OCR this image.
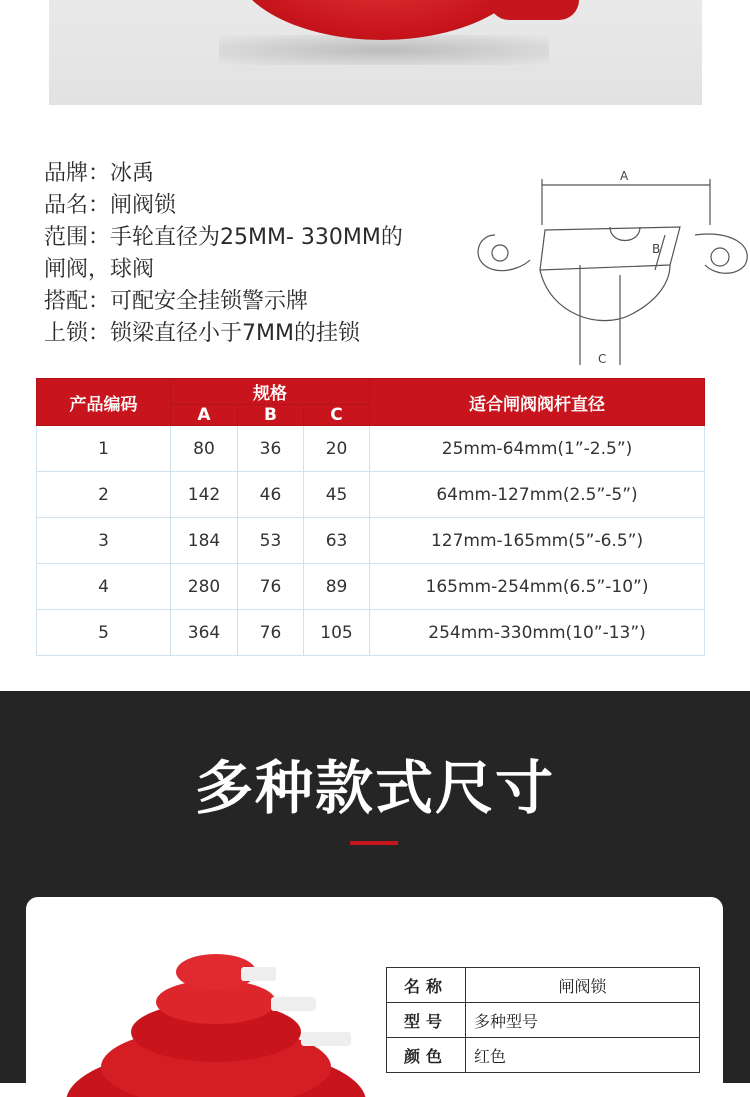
品牌：冰禹
品名：闸阀锁
范围：手轮直径为25MM- 330MM的
闸阀，球阀
搭配：可配安全挂锁警示牌
上锁：锁梁直径小于7MM的挂锁
A
B
C
产品编码	规格			适合闸阀阀杆直径
	A	B	C	
1	80	36	20	25mm-64mm(1”-2.5”)
2	142	46	45	64mm-127mm(2.5”-5”)
3	184	53	63	127mm-165mm(5”-6.5”)
4	280	76	89	165mm-254mm(6.5”-10”)
5	364	76	105	254mm-330mm(10”-13”)
多种款式尺寸
名称	闸阀锁
型号	多种型号
颜色	红色
